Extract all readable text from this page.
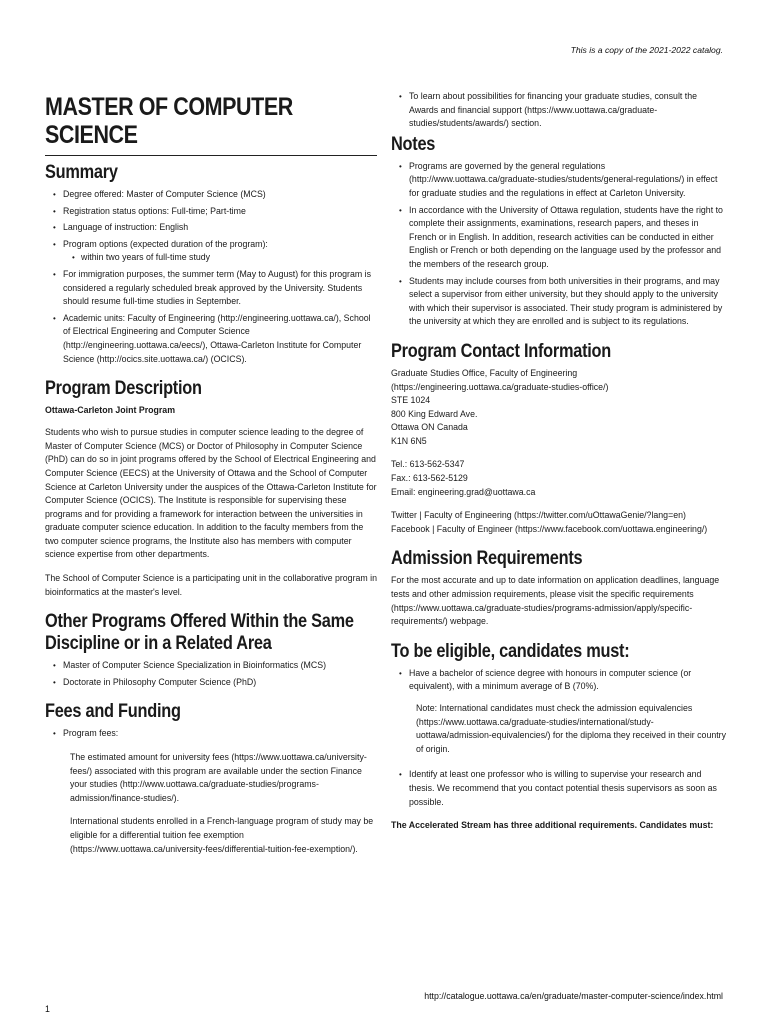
This is a copy of the 2021-2022 catalog.
MASTER OF COMPUTER
SCIENCE
Summary
• Degree offered: Master of Computer Science (MCS)
• Registration status options: Full-time; Part-time
• Language of instruction: English
• Program options (expected duration of the program):
• within two years of full-time study
• For immigration purposes, the summer term (May to August) for this program is considered a regularly scheduled break approved by the University. Students should resume full-time studies in September.
• Academic units: Faculty of Engineering (http://engineering.uottawa.ca/), School of Electrical Engineering and Computer Science (http://engineering.uottawa.ca/eecs/), Ottawa-Carleton Institute for Computer Science (http://ocics.site.uottawa.ca/) (OCICS).
Program Description
Ottawa-Carleton Joint Program

Students who wish to pursue studies in computer science leading to the degree of Master of Computer Science (MCS) or Doctor of Philosophy in Computer Science (PhD) can do so in joint programs offered by the School of Electrical Engineering and Computer Science (EECS) at the University of Ottawa and the School of Computer Science at Carleton University under the auspices of the Ottawa-Carleton Institute for Computer Science (OCICS). The Institute is responsible for supervising these programs and for providing a framework for interaction between the universities in graduate computer science education. In addition to the faculty members from the two computer science programs, the Institute also has members with computer science expertise from other departments.

The School of Computer Science is a participating unit in the collaborative program in bioinformatics at the master's level.

Other Programs Offered Within the Same
Discipline or in a Related Area
• Master of Computer Science Specialization in Bioinformatics (MCS)
• Doctorate in Philosophy Computer Science (PhD)
Fees and Funding
• Program fees:

The estimated amount for university fees (https://www.uottawa.ca/university-fees/) associated with this program are available under the section Finance your studies (http://www.uottawa.ca/graduate-studies/programs-admission/finance-studies/).

International students enrolled in a French-language program of study may be eligible for a differential tuition fee exemption (https://www.uottawa.ca/university-fees/differential-tuition-fee-exemption/).

• To learn about possibilities for financing your graduate studies, consult the Awards and financial support (https://www.uottawa.ca/graduate-studies/students/awards/) section.
Notes
• Programs are governed by the general regulations (http://www.uottawa.ca/graduate-studies/students/general-regulations/) in effect for graduate studies and the regulations in effect at Carleton University.
• In accordance with the University of Ottawa regulation, students have the right to complete their assignments, examinations, research papers, and theses in French or in English. In addition, research activities can be conducted in either English or French or both depending on the language used by the professor and the members of the research group.
• Students may include courses from both universities in their programs, and may select a supervisor from either university, but they should apply to the university with which their supervisor is associated. Their study program is administered by the university at which they are enrolled and is subject to its regulations.
Program Contact Information

Graduate Studies Office, Faculty of Engineering (https://engineering.uottawa.ca/graduate-studies-office/)

STE 1024

800 King Edward Ave.

Ottawa ON Canada

K1N 6N5

Tel.: 613-562-5347

Fax.: 613-562-5129

Email: engineering.grad@uottawa.ca

Twitter | Faculty of Engineering (https://twitter.com/uOttawaGenie/?lang=en)

Facebook | Faculty of Engineer (https://www.facebook.com/uottawa.engineering/)

Admission Requirements

For the most accurate and up to date information on application deadlines, language tests and other admission requirements, please visit the specific requirements (https://www.uottawa.ca/graduate-studies/programs-admission/apply/specific-requirements/) webpage.

To be eligible, candidates must:
• Have a bachelor of science degree with honours in computer science (or equivalent), with a minimum average of B (70%).

Note: International candidates must check the admission equivalencies (https://www.uottawa.ca/graduate-studies/international/study-uottawa/admission-equivalencies/) for the diploma they received in their country of origin.

• Identify at least one professor who is willing to supervise your research and thesis. We recommend that you contact potential thesis supervisors as soon as possible.

The Accelerated Stream has three additional requirements. Candidates must:

http://catalogue.uottawa.ca/en/graduate/master-computer-science/index.html
1
